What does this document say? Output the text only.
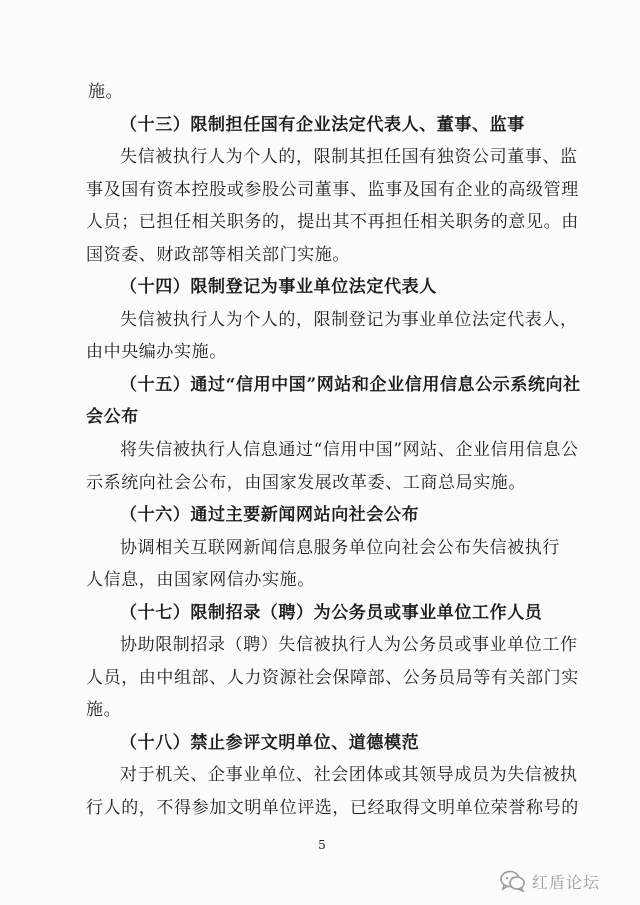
施。
（十三）限制担任国有企业法定代表人、董事、监事
失信被执行人为个人的，限制其担任国有独资公司董事、监
事及国有资本控股或参股公司董事、监事及国有企业的高级管理
人员；已担任相关职务的，提出其不再担任相关职务的意见。由
国资委、财政部等相关部门实施。
（十四）限制登记为事业单位法定代表人
失信被执行人为个人的，限制登记为事业单位法定代表人，
由中央编办实施。
（十五）通过“信用中国”网站和企业信用信息公示系统向社
会公布
将失信被执行人信息通过“信用中国”网站、企业信用信息公
示系统向社会公布，由国家发展改革委、工商总局实施。
（十六）通过主要新闻网站向社会公布
协调相关互联网新闻信息服务单位向社会公布失信被执行
人信息，由国家网信办实施。
（十七）限制招录（聘）为公务员或事业单位工作人员
协助限制招录（聘）失信被执行人为公务员或事业单位工作
人员，由中组部、人力资源社会保障部、公务员局等有关部门实
施。
（十八）禁止参评文明单位、道德模范
对于机关、企事业单位、社会团体或其领导成员为失信被执
行人的，不得参加文明单位评选，已经取得文明单位荣誉称号的
5
红盾论坛
